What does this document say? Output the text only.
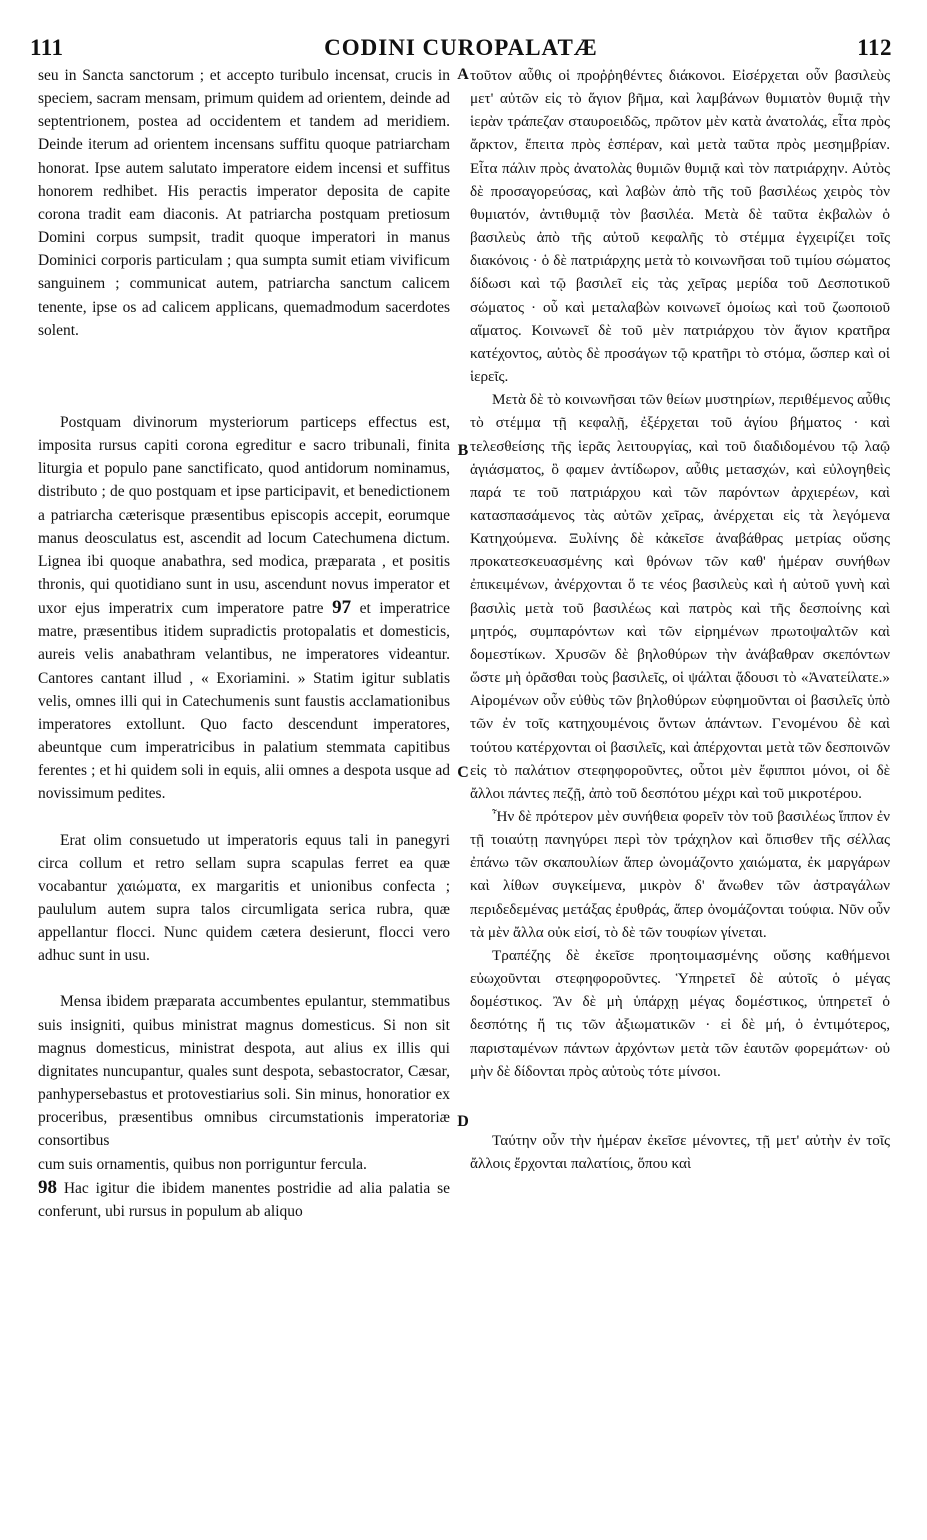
111	CODINI CUROPALATÆ	112
A
B
C
D

seu in Sancta sanctorum ; et accepto turibulo incensat, crucis in speciem, sacram mensam, primum quidem ad orientem, deinde ad septentrionem, postea ad occidentem et tandem ad meridiem. Deinde iterum ad orientem incensans suffitu quoque patriarcham honorat. Ipse autem salutato imperatore eidem incensi et suffitus honorem redhibet. His peractis imperator deposita de capite corona tradit eam diaconis. At patriarcha postquam pretiosum Domini corpus sumpsit, tradit quoque imperatori in manus Dominici corporis particulam ; qua sumpta sumit etiam vivificum sanguinem ; communicat autem, patriarcha sanctum calicem tenente, ipse os ad calicem applicans, quemadmodum sacerdotes solent.

Postquam divinorum mysteriorum particeps effectus est, imposita rursus capiti corona egreditur e sacro tribunali, finita liturgia et populo pane sanctificato, quod antidorum nominamus, distributo ; de quo postquam et ipse participavit, et benedictionem a patriarcha cæterisque præsentibus episcopis accepit, eorumque manus deosculatus est, ascendit ad locum Catechumena dictum. Lignea ibi quoque anabathra, sed modica, præparata , et positis thronis, qui quotidiano sunt in usu, ascendunt novus imperator et uxor ejus imperatrix cum imperatore patre 97 et imperatrice matre, præsentibus itidem supradictis protopalatis et domesticis, aureis velis anabathram velantibus, ne imperatores videantur. Cantores cantant illud , « Exoriamini. » Statim igitur sublatis velis, omnes illi qui in Catechumenis sunt faustis acclamationibus imperatores extollunt. Quo facto descendunt imperatores, abeuntque cum imperatricibus in palatium stemmata capitibus ferentes ; et hi quidem soli in equis, alii omnes a despota usque ad novissimum pedites.

Erat olim consuetudo ut imperatoris equus tali in panegyri circa collum et retro sellam supra scapulas ferret ea quæ vocabantur χαιώματα, ex margaritis et unionibus confecta ; paululum autem supra talos circumligata serica rubra, quæ appellantur flocci. Nunc quidem cætera desierunt, flocci vero adhuc sunt in usu.

Mensa ibidem præparata accumbentes epulantur, stemmatibus suis insigniti, quibus ministrat magnus domesticus. Si non sit magnus domesticus, ministrat despota, aut alius ex illis qui dignitates nuncupantur, quales sunt despota, sebastocrator, Cæsar, panhypersebastus et protovestiarius soli. Sin minus, honoratior ex proceribus, præsentibus omnibus circumstationis imperatoriæ consortibus

cum suis ornamentis, quibus non porriguntur fercula.

98 Hac igitur die ibidem manentes postridie ad alia palatia se conferunt, ubi rursus in populum ab aliquo

τοῦτον αὖθις οἱ προῤῥηθέντες διάκονοι. Εἰσέρχεται οὖν βασιλεὺς μετ' αὐτῶν εἰς τὸ ἅγιον βῆμα, καὶ λαμβάνων θυμιατὸν θυμιᾷ τὴν ἱερὰν τράπεζαν σταυροειδῶς, πρῶτον μὲν κατὰ ἀνατολάς, εἶτα πρὸς ἄρκτον, ἔπειτα πρὸς ἑσπέραν, καὶ μετὰ ταῦτα πρὸς μεσημβρίαν. Εἶτα πάλιν πρὸς ἀνατολὰς θυμιῶν θυμιᾷ καὶ τὸν πατριάρχην. Αὐτὸς δὲ προσαγορεύσας, καὶ λαβὼν ἀπὸ τῆς τοῦ βασιλέως χειρὸς τὸν θυμιατόν, ἀντιθυμιᾷ τὸν βασιλέα. Μετὰ δὲ ταῦτα ἐκβαλὼν ὁ βασιλεὺς ἀπὸ τῆς αὐτοῦ κεφαλῆς τὸ στέμμα ἐγχειρίζει τοῖς διακόνοις · ὁ δὲ πατριάρχης μετὰ τὸ κοινωνῆσαι τοῦ τιμίου σώματος δίδωσι καὶ τῷ βασιλεῖ εἰς τὰς χεῖρας μερίδα τοῦ Δεσποτικοῦ σώματος · οὗ καὶ μεταλαβὼν κοινωνεῖ ὁμοίως καὶ τοῦ ζωοποιοῦ αἵματος. Κοινωνεῖ δὲ τοῦ μὲν πατριάρχου τὸν ἅγιον κρατῆρα κατέχοντος, αὐτὸς δὲ προσάγων τῷ κρατῆρι τὸ στόμα, ὥσπερ καὶ οἱ ἱερεῖς.

Μετὰ δὲ τὸ κοινωνῆσαι τῶν θείων μυστηρίων, περιθέμενος αὖθις τὸ στέμμα τῇ κεφαλῇ, ἐξέρχεται τοῦ ἁγίου βήματος · καὶ τελεσθείσης τῆς ἱερᾶς λειτουργίας, καὶ τοῦ διαδιδομένου τῷ λαῷ ἁγιάσματος, ὃ φαμεν ἀντίδωρον, αὖθις μετασχών, καὶ εὐλογηθεὶς παρά τε τοῦ πατριάρχου καὶ τῶν παρόντων ἀρχιερέων, καὶ κατασπασάμενος τὰς αὐτῶν χεῖρας, ἀνέρχεται εἰς τὰ λεγόμενα Κατηχούμενα. Ξυλίνης δὲ κἀκεῖσε ἀναβάθρας μετρίας οὔσης προκατεσκευασμένης καὶ θρόνων τῶν καθ' ἡμέραν συνήθων ἐπικειμένων, ἀνέρχονται ὅ τε νέος βασιλεὺς καὶ ἡ αὐτοῦ γυνὴ καὶ βασιλὶς μετὰ τοῦ βασιλέως καὶ πατρὸς καὶ τῆς δεσποίνης καὶ μητρός, συμπαρόντων καὶ τῶν εἰρημένων πρωτοψαλτῶν καὶ δομεστίκων. Χρυσῶν δὲ βηλοθύρων τὴν ἀνάβαθραν σκεπόντων ὥστε μὴ ὁρᾶσθαι τοὺς βασιλεῖς, οἱ ψάλται ᾄδουσι τὸ «Ἀνατείλατε.» Αἰρομένων οὖν εὐθὺς τῶν βηλοθύρων εὐφημοῦνται οἱ βασιλεῖς ὑπὸ τῶν ἐν τοῖς κατηχουμένοις ὄντων ἁπάντων. Γενομένου δὲ καὶ τούτου κατέρχονται οἱ βασιλεῖς, καὶ ἀπέρχονται μετὰ τῶν δεσποινῶν εἰς τὸ παλάτιον στεφηφοροῦντες, οὗτοι μὲν ἔφιπποι μόνοι, οἱ δὲ ἄλλοι πάντες πεζῇ, ἀπὸ τοῦ δεσπότου μέχρι καὶ τοῦ μικροτέρου.

Ἦν δὲ πρότερον μὲν συνήθεια φορεῖν τὸν τοῦ βασιλέως ἵππον ἐν τῇ τοιαύτῃ πανηγύρει περὶ τὸν τράχηλον καὶ ὄπισθεν τῆς σέλλας ἐπάνω τῶν σκαπουλίων ἅπερ ὠνομάζοντο χαιώματα, ἐκ μαργάρων καὶ λίθων συγκείμενα, μικρὸν δ' ἄνωθεν τῶν ἀστραγάλων περιδεδεμένας μετάξας ἐρυθράς, ἅπερ ὀνομάζονται τούφια. Νῦν οὖν τὰ μὲν ἄλλα οὐκ εἰσί, τὸ δὲ τῶν τουφίων γίνεται.

Τραπέζης δὲ ἐκεῖσε προητοιμασμένης οὔσης καθήμενοι εὐωχοῦνται στεφηφοροῦντες. Ὑπηρετεῖ δὲ αὐτοῖς ὁ μέγας δομέστικος. Ἂν δὲ μὴ ὑπάρχῃ μέγας δομέστικος, ὑπηρετεῖ ὁ δεσπότης ἤ τις τῶν ἀξιωματικῶν · εἰ δὲ μή, ὁ ἐντιμότερος, παρισταμένων πάντων ἀρχόντων μετὰ τῶν ἑαυτῶν φορεμάτων· οὐ μὴν δὲ δίδονται πρὸς αὐτοὺς τότε μίνσοι.

Ταύτην οὖν τὴν ἡμέραν ἐκεῖσε μένοντες, τῇ μετ' αὐτὴν ἐν τοῖς ἄλλοις ἔρχονται παλατίοις, ὅπου καὶ
